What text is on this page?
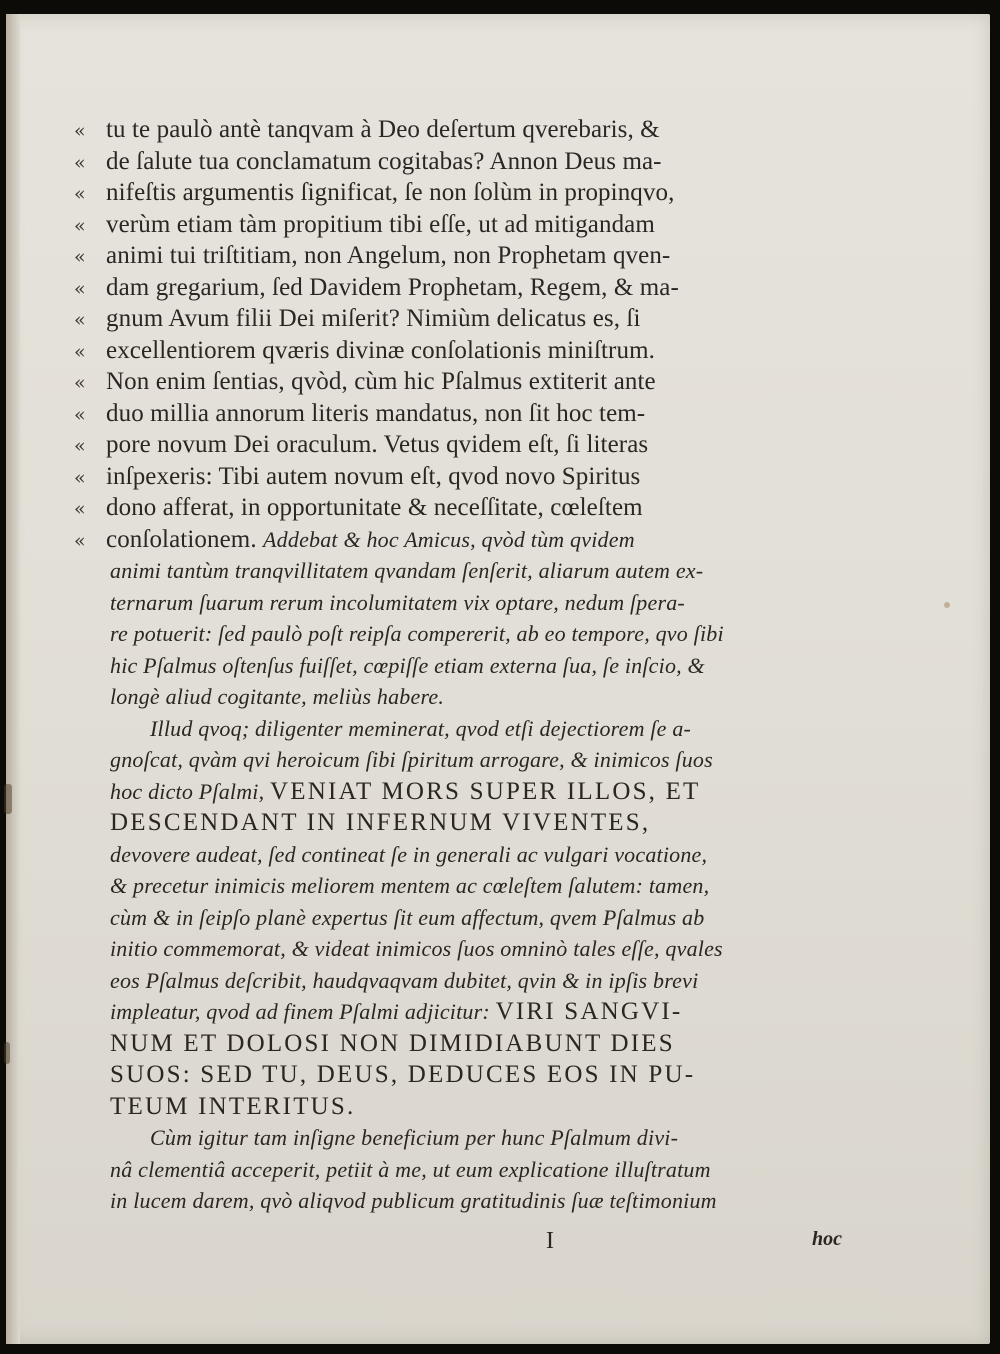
« tu te paulò antè tanqvam à Deo deſertum qverebaris, &
« de ſalute tua conclamatum cogitabas? Annon Deus ma-
« nifeſtis argumentis ſignificat, ſe non ſolùm in propinqvo,
« verùm etiam tàm propitium tibi eſſe, ut ad mitigandam
« animi tui triſtitiam, non Angelum, non Prophetam qven-
« dam gregarium, ſed Davidem Prophetam, Regem, & ma-
« gnum Avum filii Dei miſerit? Nimiùm delicatus es, ſi
« excellentiorem qværis divinæ conſolationis miniſtrum.
« Non enim ſentias, qvòd, cùm hic Pſalmus extiterit ante
« duo millia annorum literis mandatus, non ſit hoc tem-
« pore novum Dei oraculum. Vetus qvidem eſt, ſi literas
« inſpexeris: Tibi autem novum eſt, qvod novo Spiritus
« dono afferat, in opportunitate & neceſſitate, cœleſtem
« conſolationem. Addebat & hoc Amicus, qvòd tùm qvidem
animi tantùm tranqvillitatem qvandam ſenſerit, aliarum autem ex-
ternarum ſuarum rerum incolumitatem vix optare, nedum ſpera-
re potuerit: ſed paulò poſt reipſa compererit, ab eo tempore, qvo ſibi
hic Pſalmus oſtenſus fuiſſet, cœpiſſe etiam externa ſua, ſe inſcio, &
longè aliud cogitante, meliùs habere.
Illud qvoq; diligenter meminerat, qvod etſi dejectiorem ſe a-
gnoſcat, qvàm qvi heroicum ſibi ſpiritum arrogare, & inimicos ſuos
hoc dicto Pſalmi, VENIAT MORS SUPER ILLOS, ET
DESCENDANT IN INFERNUM VIVENTES,
devovere audeat, ſed contineat ſe in generali ac vulgari vocatione,
& precetur inimicis meliorem mentem ac cœleſtem ſalutem: tamen,
cùm & in ſeipſo planè expertus ſit eum affectum, qvem Pſalmus ab
initio commemorat, & videat inimicos ſuos omninò tales eſſe, qvales
eos Pſalmus deſcribit, haudqvaqvam dubitet, qvin & in ipſis brevi
impleatur, qvod ad finem Pſalmi adjicitur: VIRI SANGVI-
NUM ET DOLOSI NON DIMIDIABUNT DIES
SUOS: SED TU, DEUS, DEDUCES EOS IN PU-
TEUM INTERITUS.
Cùm igitur tam inſigne beneficium per hunc Pſalmum divi-
nâ clementiâ acceperit, petiit à me, ut eum explicatione illuſtratum
in lucem darem, qvò aliqvod publicum gratitudinis ſuæ teſtimonium
I	hoc
